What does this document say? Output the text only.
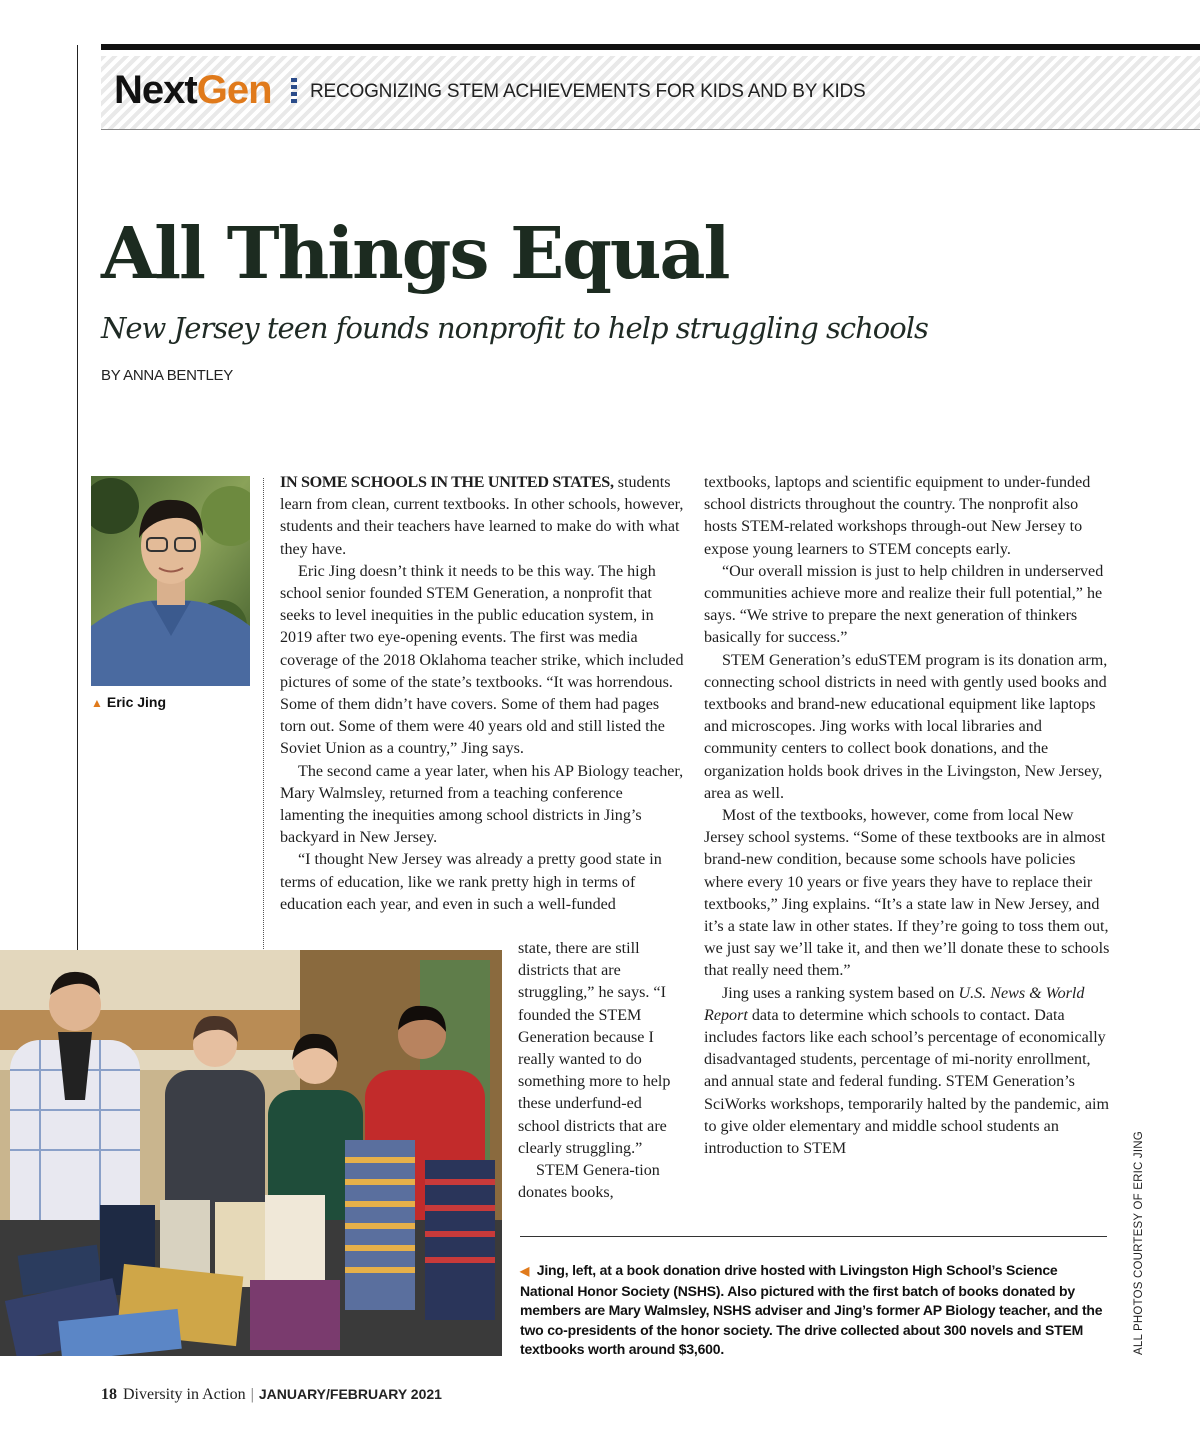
NextGen RECOGNIZING STEM ACHIEVEMENTS FOR KIDS AND BY KIDS
All Things Equal
New Jersey teen founds nonprofit to help struggling schools
BY ANNA BENTLEY
▲ Eric Jing

IN SOME SCHOOLS IN THE UNITED STATES, students learn from clean, current textbooks. In other schools, however, students and their teachers have learned to make do with what they have.

Eric Jing doesn’t think it needs to be this way. The high school senior founded STEM Generation, a nonprofit that seeks to level inequities in the public education system, in 2019 after two eye-opening events. The first was media coverage of the 2018 Oklahoma teacher strike, which included pictures of some of the state’s textbooks. “It was horrendous. Some of them didn’t have covers. Some of them had pages torn out. Some of them were 40 years old and still listed the Soviet Union as a country,” Jing says.

The second came a year later, when his AP Biology teacher, Mary Walmsley, returned from a teaching conference lamenting the inequities among school districts in Jing’s backyard in New Jersey.

“I thought New Jersey was already a pretty good state in terms of education, like we rank pretty high in terms of education each year, and even in such a well-funded

state, there are still districts that are struggling,” he says. “I founded the STEM Generation because I really wanted to do something more to help these underfund-ed school districts that are clearly struggling.”

STEM Genera-tion donates books,

textbooks, laptops and scientific equipment to under-funded school districts throughout the country. The nonprofit also hosts STEM-related workshops through-out New Jersey to expose young learners to STEM concepts early.

“Our overall mission is just to help children in underserved communities achieve more and realize their full potential,” he says. “We strive to prepare the next generation of thinkers basically for success.”

STEM Generation’s eduSTEM program is its donation arm, connecting school districts in need with gently used books and textbooks and brand-new educational equipment like laptops and microscopes. Jing works with local libraries and community centers to collect book donations, and the organization holds book drives in the Livingston, New Jersey, area as well.

Most of the textbooks, however, come from local New Jersey school systems. “Some of these textbooks are in almost brand-new condition, because some schools have policies where every 10 years or five years they have to replace their textbooks,” Jing explains. “It’s a state law in New Jersey, and it’s a state law in other states. If they’re going to toss them out, we just say we’ll take it, and then we’ll donate these to schools that really need them.”

Jing uses a ranking system based on U.S. News & World Report data to determine which schools to contact. Data includes factors like each school’s percentage of economically disadvantaged students, percentage of mi-nority enrollment, and annual state and federal funding. STEM Generation’s SciWorks workshops, temporarily halted by the pandemic, aim to give older elementary and middle school students an introduction to STEM

◀ Jing, left, at a book donation drive hosted with Livingston High School’s Science National Honor Society (NSHS). Also pictured with the first batch of books donated by members are Mary Walmsley, NSHS adviser and Jing’s former AP Biology teacher, and the two co-presidents of the honor society. The drive collected about 300 novels and STEM textbooks worth around $3,600.	ALL PHOTOS COURTESY OF ERIC JING
18 Diversity in Action | JANUARY/FEBRUARY 2021
